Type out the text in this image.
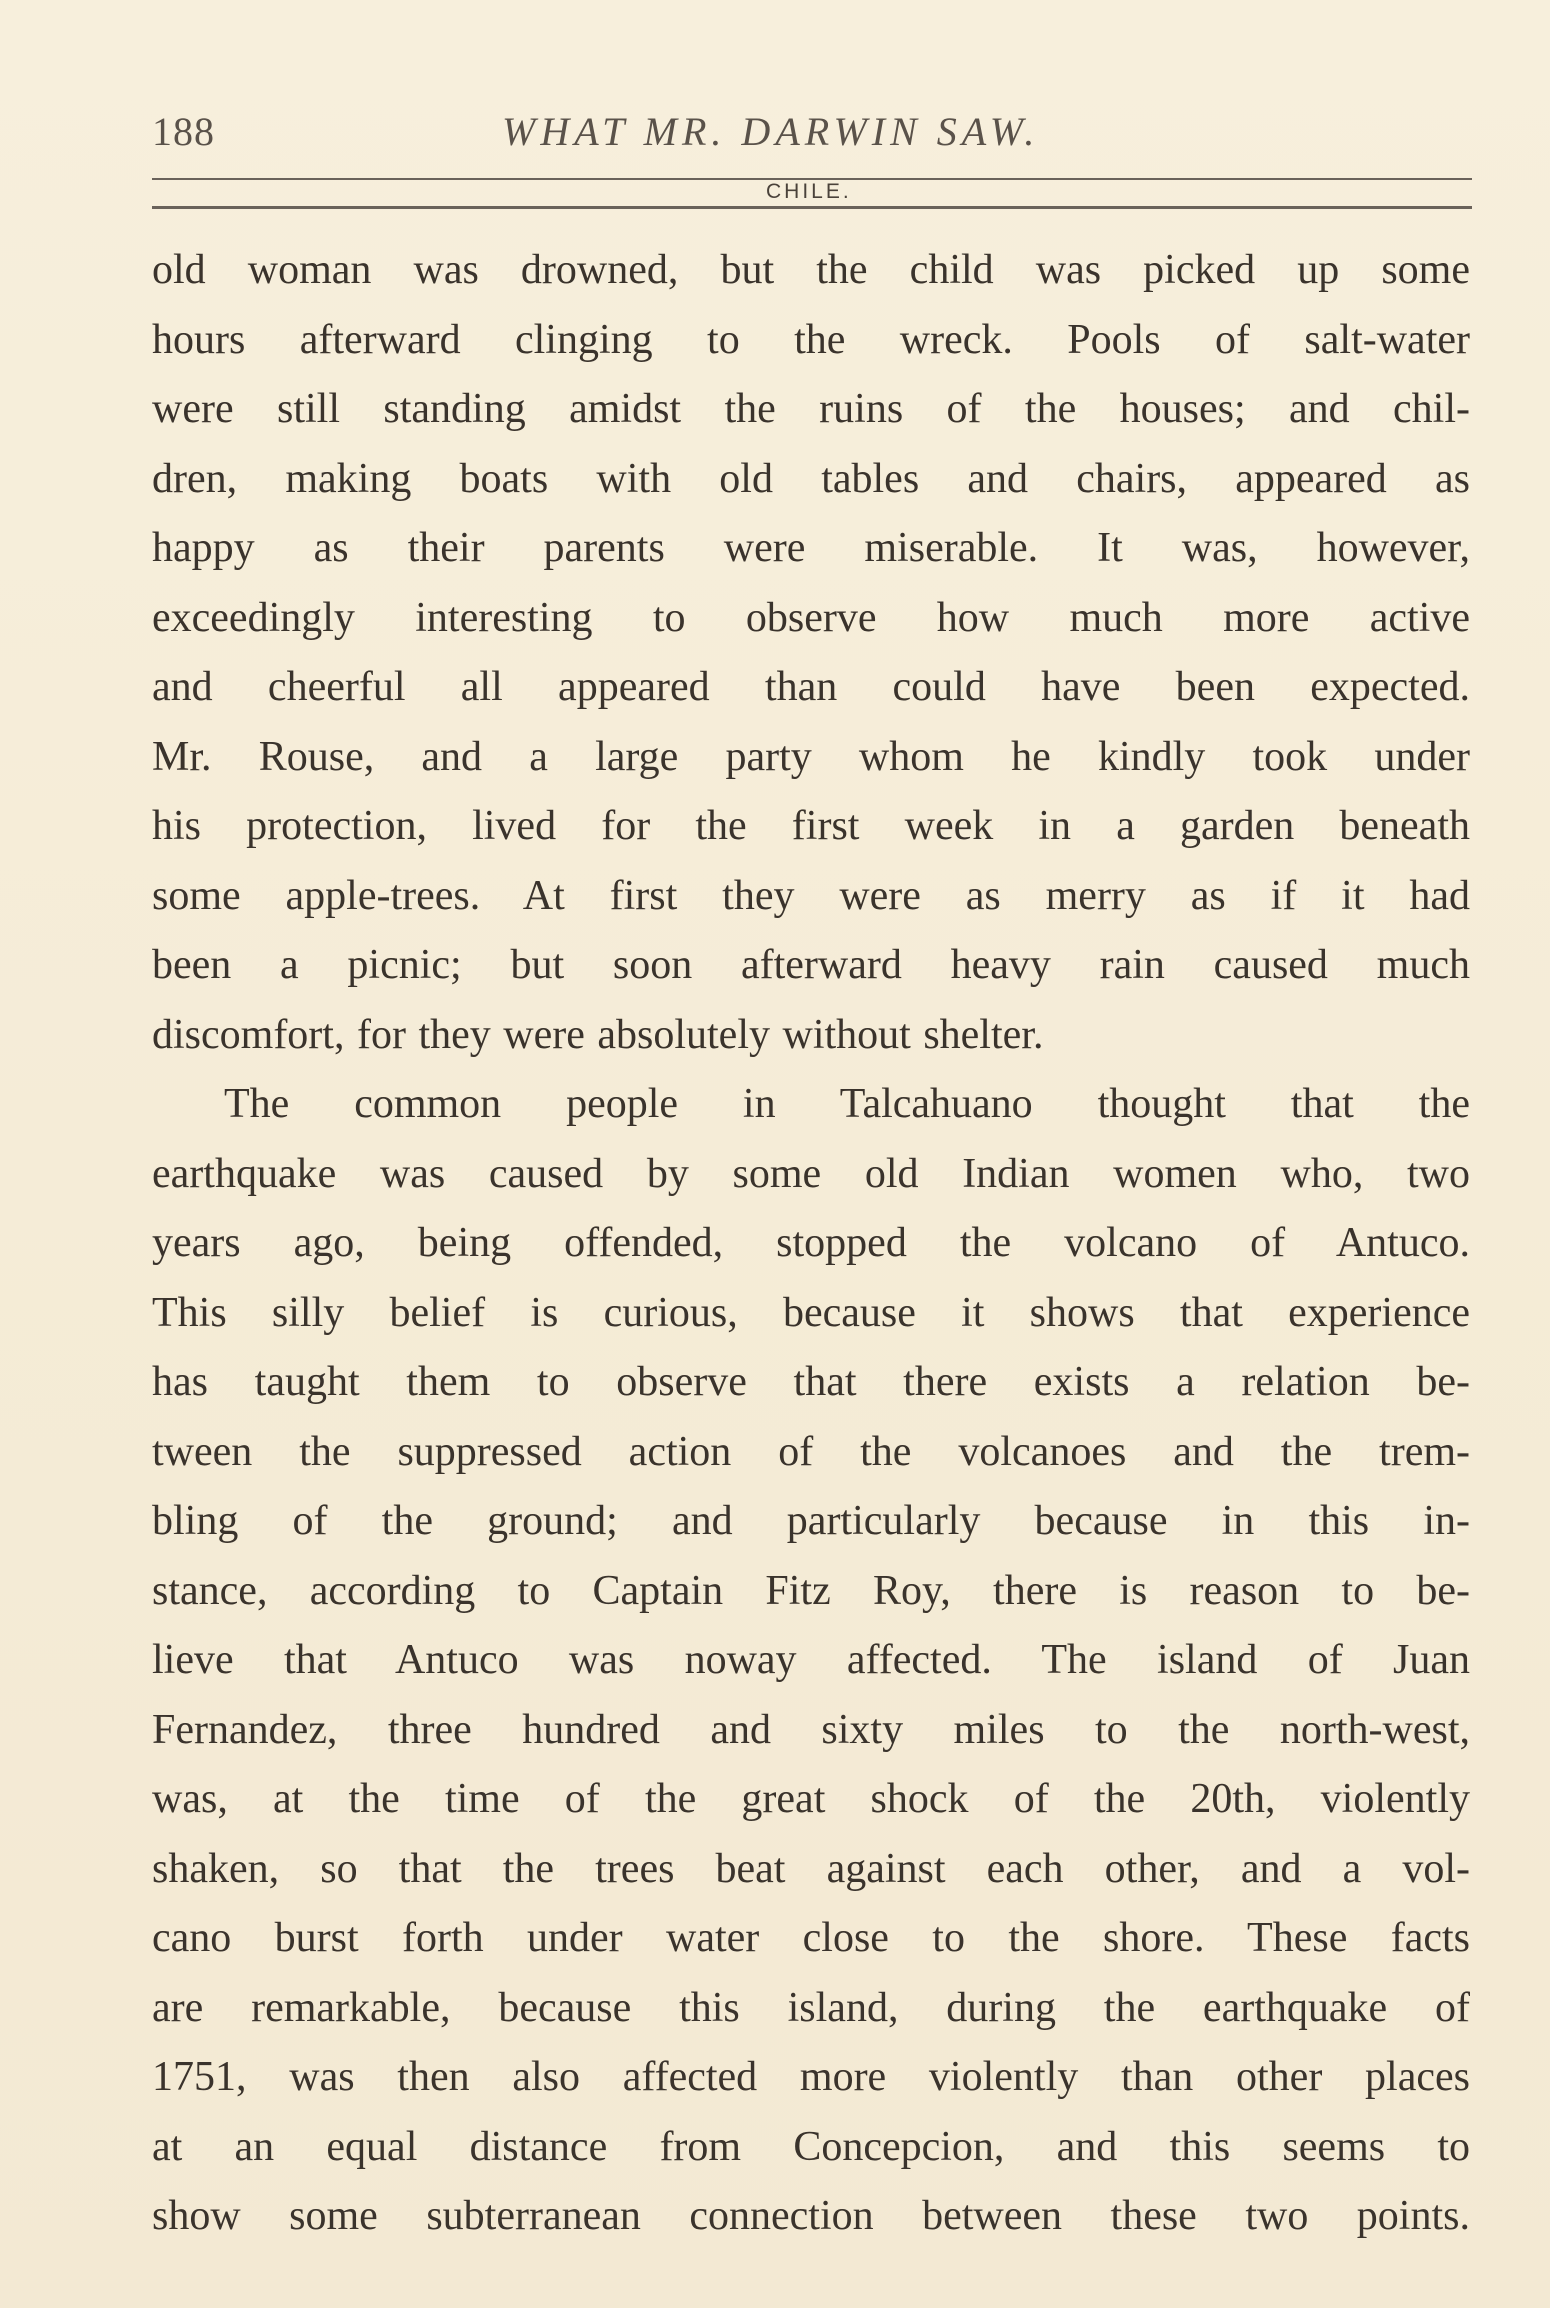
188	WHAT MR. DARWIN SAW.
CHILE.
old woman was drowned, but the child was picked up some
hours afterward clinging to the wreck. Pools of salt-water
were still standing amidst the ruins of the houses; and chil-
dren, making boats with old tables and chairs, appeared as
happy as their parents were miserable. It was, however,
exceedingly interesting to observe how much more active
and cheerful all appeared than could have been expected.
Mr. Rouse, and a large party whom he kindly took under
his protection, lived for the first week in a garden beneath
some apple-trees. At first they were as merry as if it had
been a picnic; but soon afterward heavy rain caused much
discomfort, for they were absolutely without shelter.
The common people in Talcahuano thought that the
earthquake was caused by some old Indian women who, two
years ago, being offended, stopped the volcano of Antuco.
This silly belief is curious, because it shows that experience
has taught them to observe that there exists a relation be-
tween the suppressed action of the volcanoes and the trem-
bling of the ground; and particularly because in this in-
stance, according to Captain Fitz Roy, there is reason to be-
lieve that Antuco was noway affected. The island of Juan
Fernandez, three hundred and sixty miles to the north-west,
was, at the time of the great shock of the 20th, violently
shaken, so that the trees beat against each other, and a vol-
cano burst forth under water close to the shore. These facts
are remarkable, because this island, during the earthquake of
1751, was then also affected more violently than other places
at an equal distance from Concepcion, and this seems to
show some subterranean connection between these two points.
